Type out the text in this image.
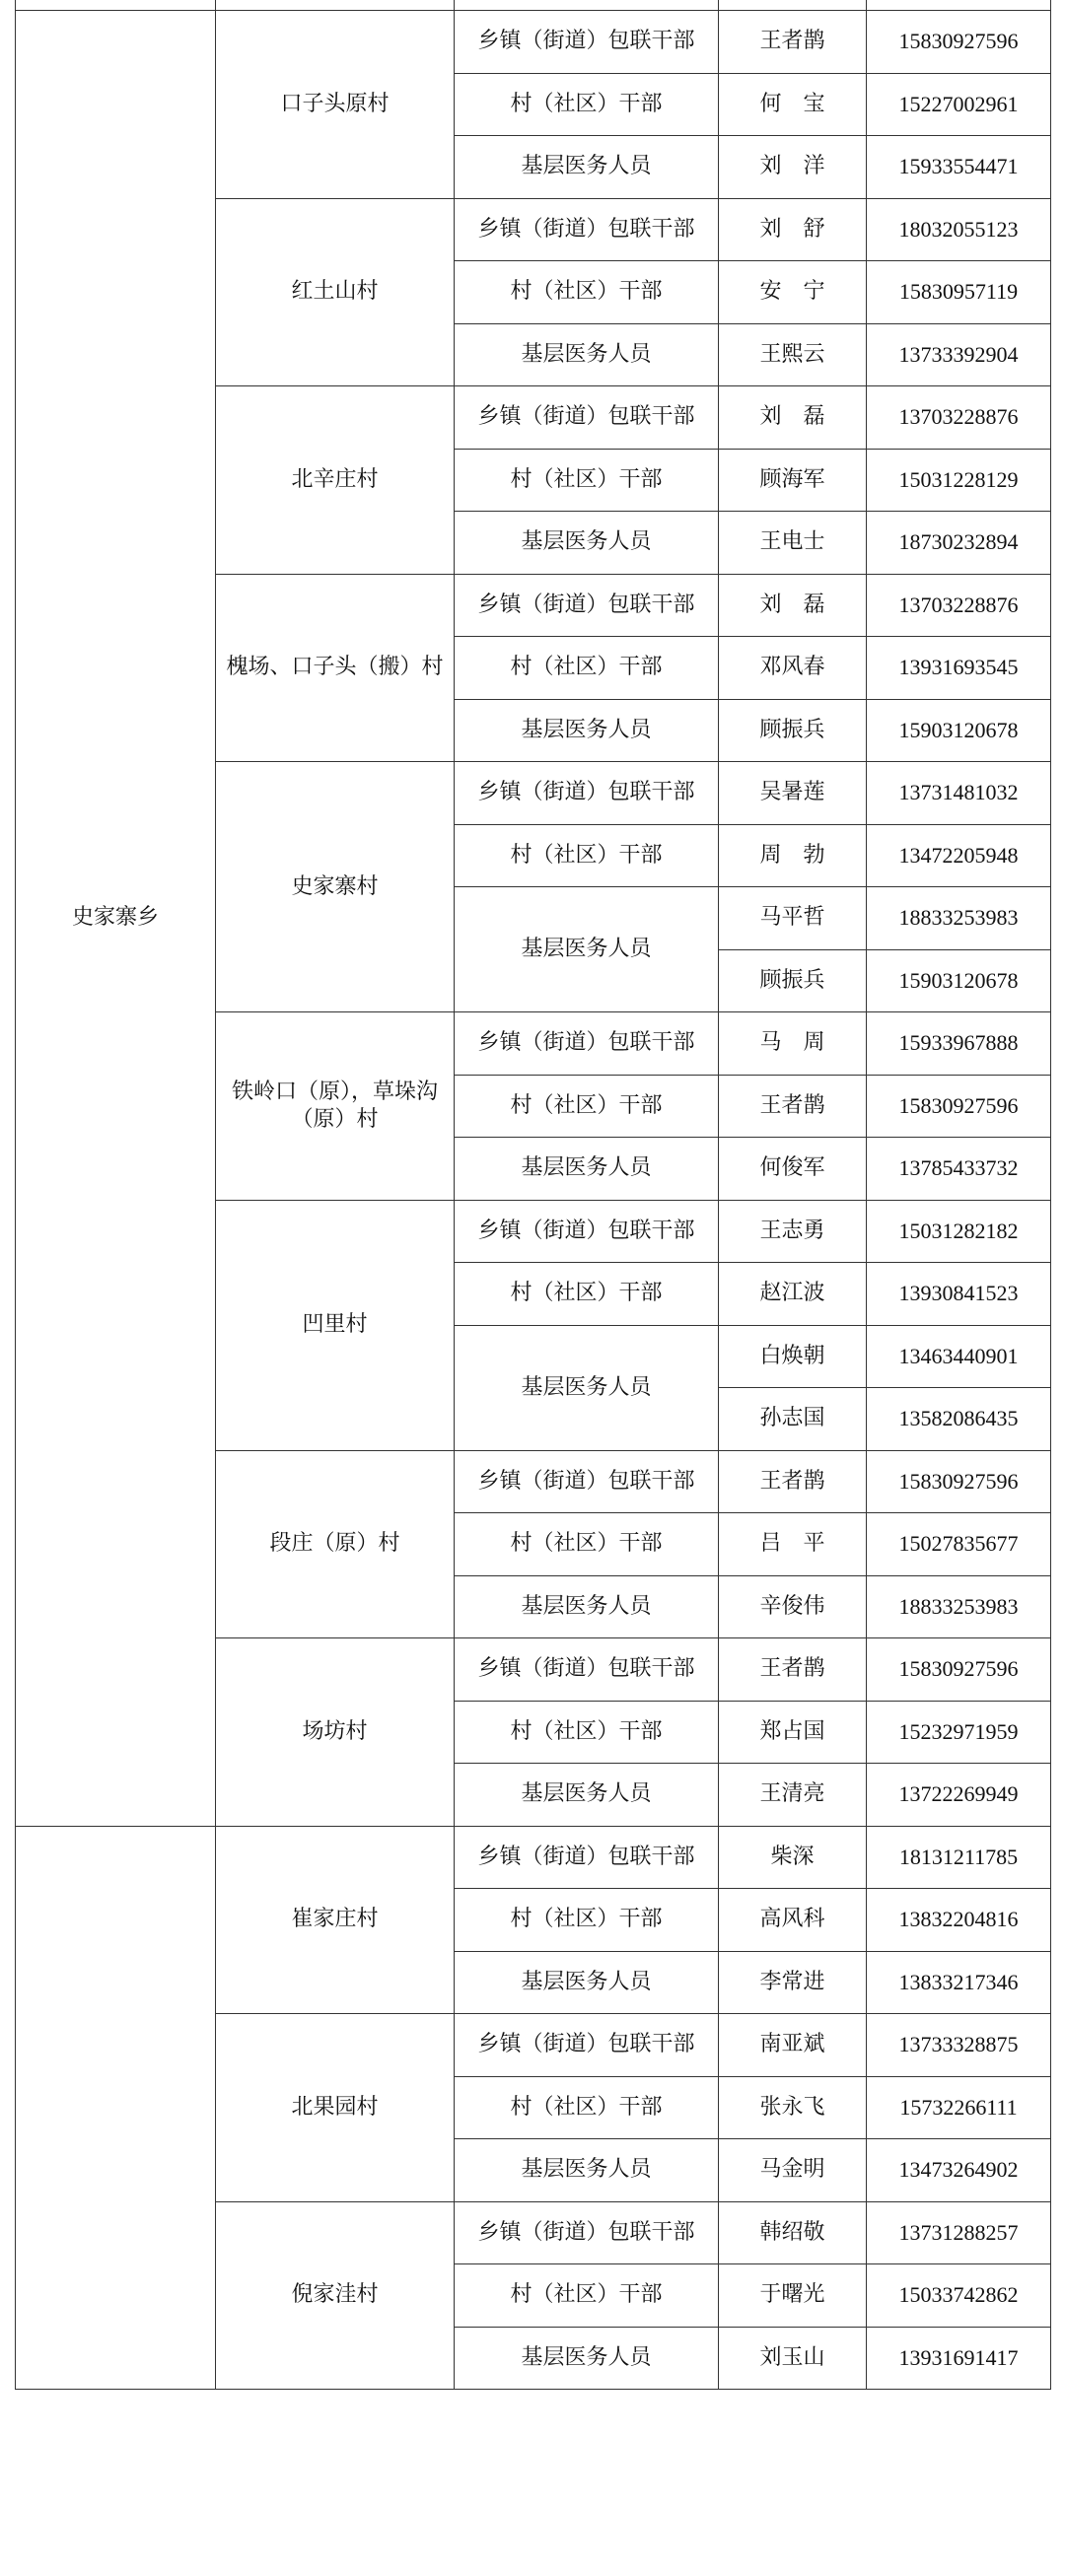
史家寨乡	口子头原村	乡镇（街道）包联干部	王者鹊	15830927596
		村（社区）干部	何　宝	15227002961
		基层医务人员	刘　洋	15933554471
	红土山村	乡镇（街道）包联干部	刘　舒	18032055123
		村（社区）干部	安　宁	15830957119
		基层医务人员	王熙云	13733392904
	北辛庄村	乡镇（街道）包联干部	刘　磊	13703228876
		村（社区）干部	顾海军	15031228129
		基层医务人员	王电士	18730232894
	槐场、口子头（搬）村	乡镇（街道）包联干部	刘　磊	13703228876
		村（社区）干部	邓风春	13931693545
		基层医务人员	顾振兵	15903120678
	史家寨村	乡镇（街道）包联干部	吴暑莲	13731481032
		村（社区）干部	周　勃	13472205948
		基层医务人员	马平哲	18833253983
			顾振兵	15903120678
	铁岭口（原），草垛沟（原）村	乡镇（街道）包联干部	马　周	15933967888
		村（社区）干部	王者鹊	15830927596
		基层医务人员	何俊军	13785433732
	凹里村	乡镇（街道）包联干部	王志勇	15031282182
		村（社区）干部	赵江波	13930841523
		基层医务人员	白焕朝	13463440901
			孙志国	13582086435
	段庄（原）村	乡镇（街道）包联干部	王者鹊	15830927596
		村（社区）干部	吕　平	15027835677
		基层医务人员	辛俊伟	18833253983
	场坊村	乡镇（街道）包联干部	王者鹊	15830927596
		村（社区）干部	郑占国	15232971959
		基层医务人员	王清亮	13722269949
	崔家庄村	乡镇（街道）包联干部	柴深	18131211785
		村（社区）干部	高风科	13832204816
		基层医务人员	李常进	13833217346
	北果园村	乡镇（街道）包联干部	南亚斌	13733328875
		村（社区）干部	张永飞	15732266111
		基层医务人员	马金明	13473264902
	倪家洼村	乡镇（街道）包联干部	韩绍敬	13731288257
		村（社区）干部	于曙光	15033742862
		基层医务人员	刘玉山	13931691417
